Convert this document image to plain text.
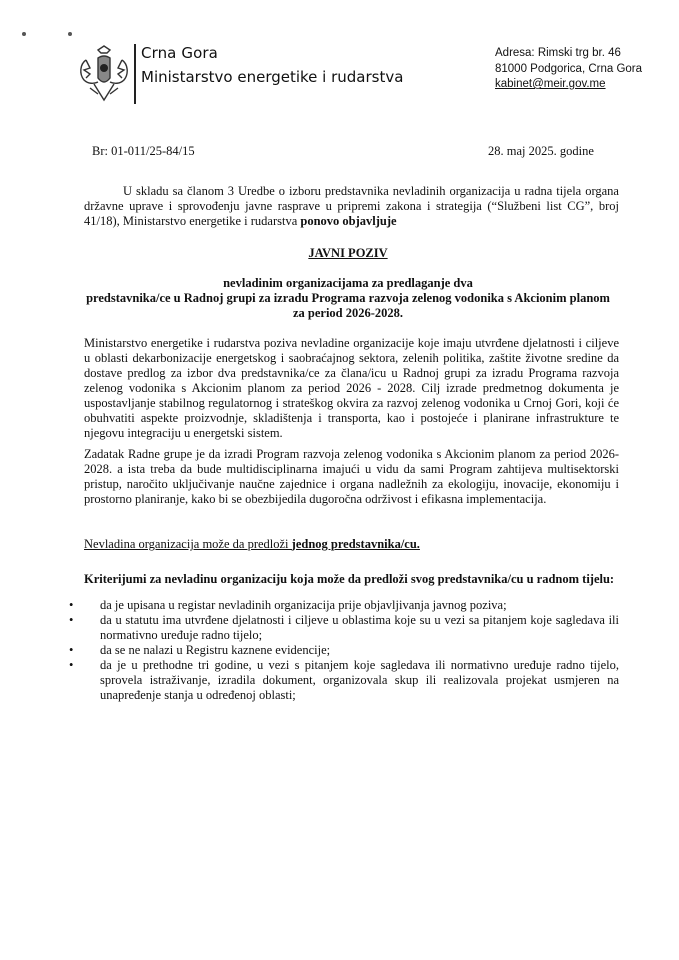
Crna Gora
Ministarstvo energetike i rudarstva
Adresa: Rimski trg br. 46
81000 Podgorica, Crna Gora
kabinet@meir.gov.me
Br: 01-011/25-84/15	28. maj 2025. godine
U skladu sa članom 3 Uredbe o izboru predstavnika nevladinih organizacija u radna tijela organa državne uprave i sprovođenju javne rasprave u pripremi zakona i strategija (“Službeni list CG”, broj 41/18), Ministarstvo energetike i rudarstva ponovo objavljuje
JAVNI POZIV
nevladinim organizacijama za predlaganje dva
predstavnika/ce u Radnoj grupi za izradu Programa razvoja zelenog vodonika s Akcionim planom
za period 2026-2028.
Ministarstvo energetike i rudarstva poziva nevladine organizacije koje imaju utvrđene djelatnosti i ciljeve u oblasti dekarbonizacije energetskog i saobraćajnog sektora, zelenih politika, zaštite životne sredine da dostave predlog za izbor dva predstavnika/ce za člana/icu u Radnoj grupi za izradu Programa razvoja zelenog vodonika s Akcionim planom za period 2026 - 2028. Cilj izrade predmetnog dokumenta je uspostavljanje stabilnog regulatornog i strateškog okvira za razvoj zelenog vodonika u Crnoj Gori, koji će obuhvatiti aspekte proizvodnje, skladištenja i transporta, kao i postojeće i planirane infrastrukture te njegovu integraciju u energetski sistem.
Zadatak Radne grupe je da izradi Program razvoja zelenog vodonika s Akcionim planom za period 2026-2028. a ista treba da bude multidisciplinarna imajući u vidu da sami Program zahtijeva multisektorski pristup, naročito uključivanje naučne zajednice i organa nadležnih za ekologiju, inovacije, ekonomiju i prostorno planiranje, kako bi se obezbijedila dugoročna održivost i efikasna implementacija.
Nevladina organizacija može da predloži jednog predstavnika/cu.
Kriterijumi za nevladinu organizaciju koja može da predloži svog predstavnika/cu u radnom tijelu:
• da je upisana u registar nevladinih organizacija prije objavljivanja javnog poziva;
• da u statutu ima utvrđene djelatnosti i ciljeve u oblastima koje su u vezi sa pitanjem koje sagledava ili normativno uređuje radno tijelo;
• da se ne nalazi u Registru kaznene evidencije;
• da je u prethodne tri godine, u vezi s pitanjem koje sagledava ili normativno uređuje radno tijelo, sprovela istraživanje, izradila dokument, organizovala skup ili realizovala projekat usmjeren na unapređenje stanja u određenoj oblasti;
